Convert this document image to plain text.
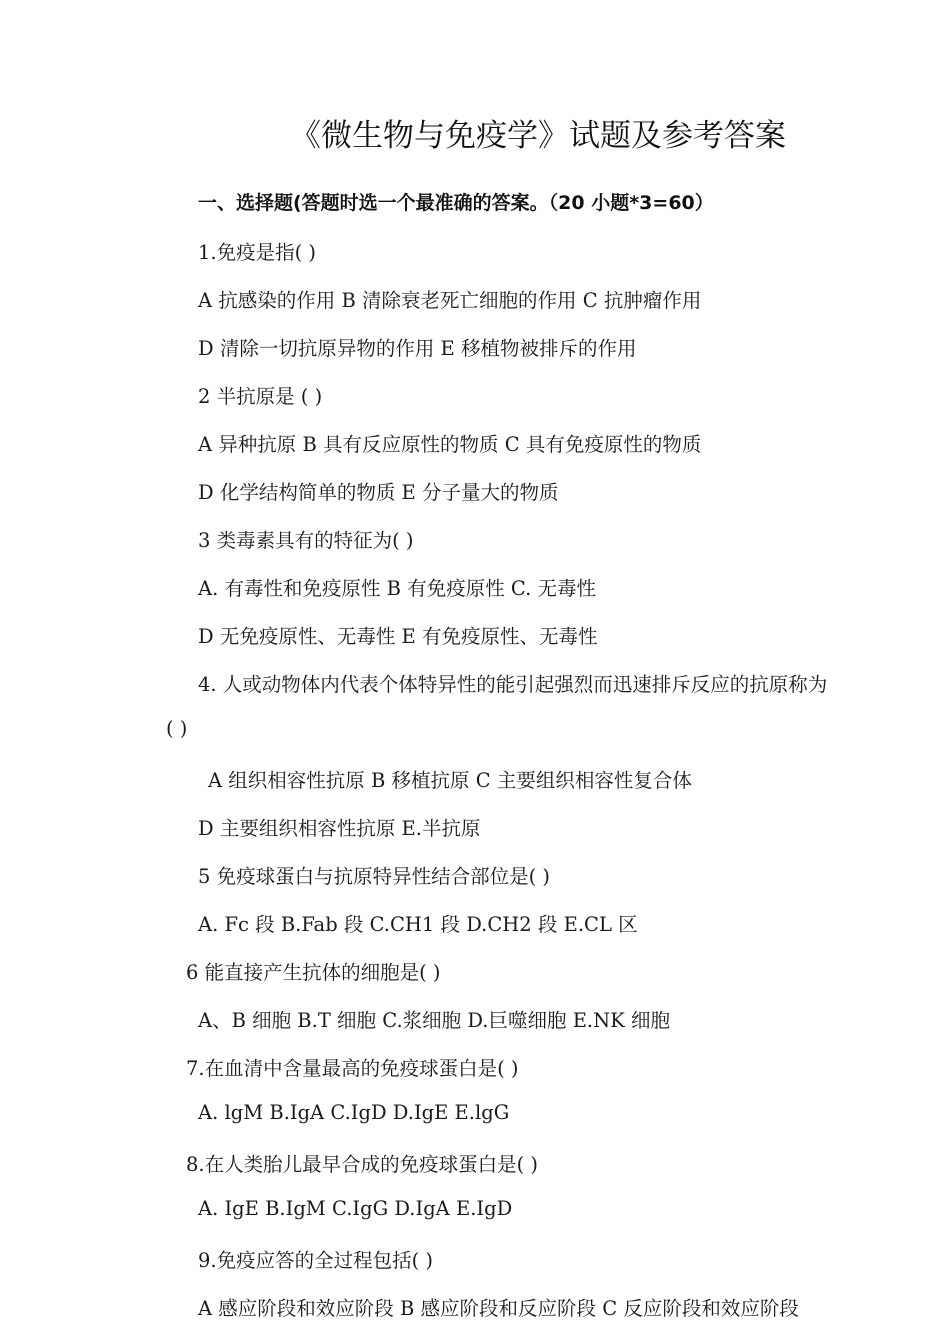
《微生物与免疫学》试题及参考答案
一、选择题(答题时选一个最准确的答案。（20 小题*3=60）
1.免疫是指( )
A 抗感染的作用 B 清除衰老死亡细胞的作用 C 抗肿瘤作用
D 清除一切抗原异物的作用 E 移植物被排斥的作用
2 半抗原是 ( )
A 异种抗原 B 具有反应原性的物质 C 具有免疫原性的物质
D 化学结构简单的物质 E 分子量大的物质
3 类毒素具有的特征为( )
A. 有毒性和免疫原性 B 有免疫原性 C. 无毒性
D 无免疫原性、无毒性 E 有免疫原性、无毒性
4. 人或动物体内代表个体特异性的能引起强烈而迅速排斥反应的抗原称为
( )
A 组织相容性抗原 B 移植抗原 C 主要组织相容性复合体
D 主要组织相容性抗原 E.半抗原
5 免疫球蛋白与抗原特异性结合部位是( )
A. Fc 段 B.Fab 段 C.CH1 段 D.CH2 段 E.CL 区
6 能直接产生抗体的细胞是( )
A、B 细胞 B.T 细胞 C.浆细胞 D.巨噬细胞 E.NK 细胞
7.在血清中含量最高的免疫球蛋白是( )
A. lgM B.IgA C.IgD D.IgE E.lgG
8.在人类胎儿最早合成的免疫球蛋白是( )
A. IgE B.IgM C.IgG D.IgA E.IgD
9.免疫应答的全过程包括( )
A 感应阶段和效应阶段 B 感应阶段和反应阶段 C 反应阶段和效应阶段
